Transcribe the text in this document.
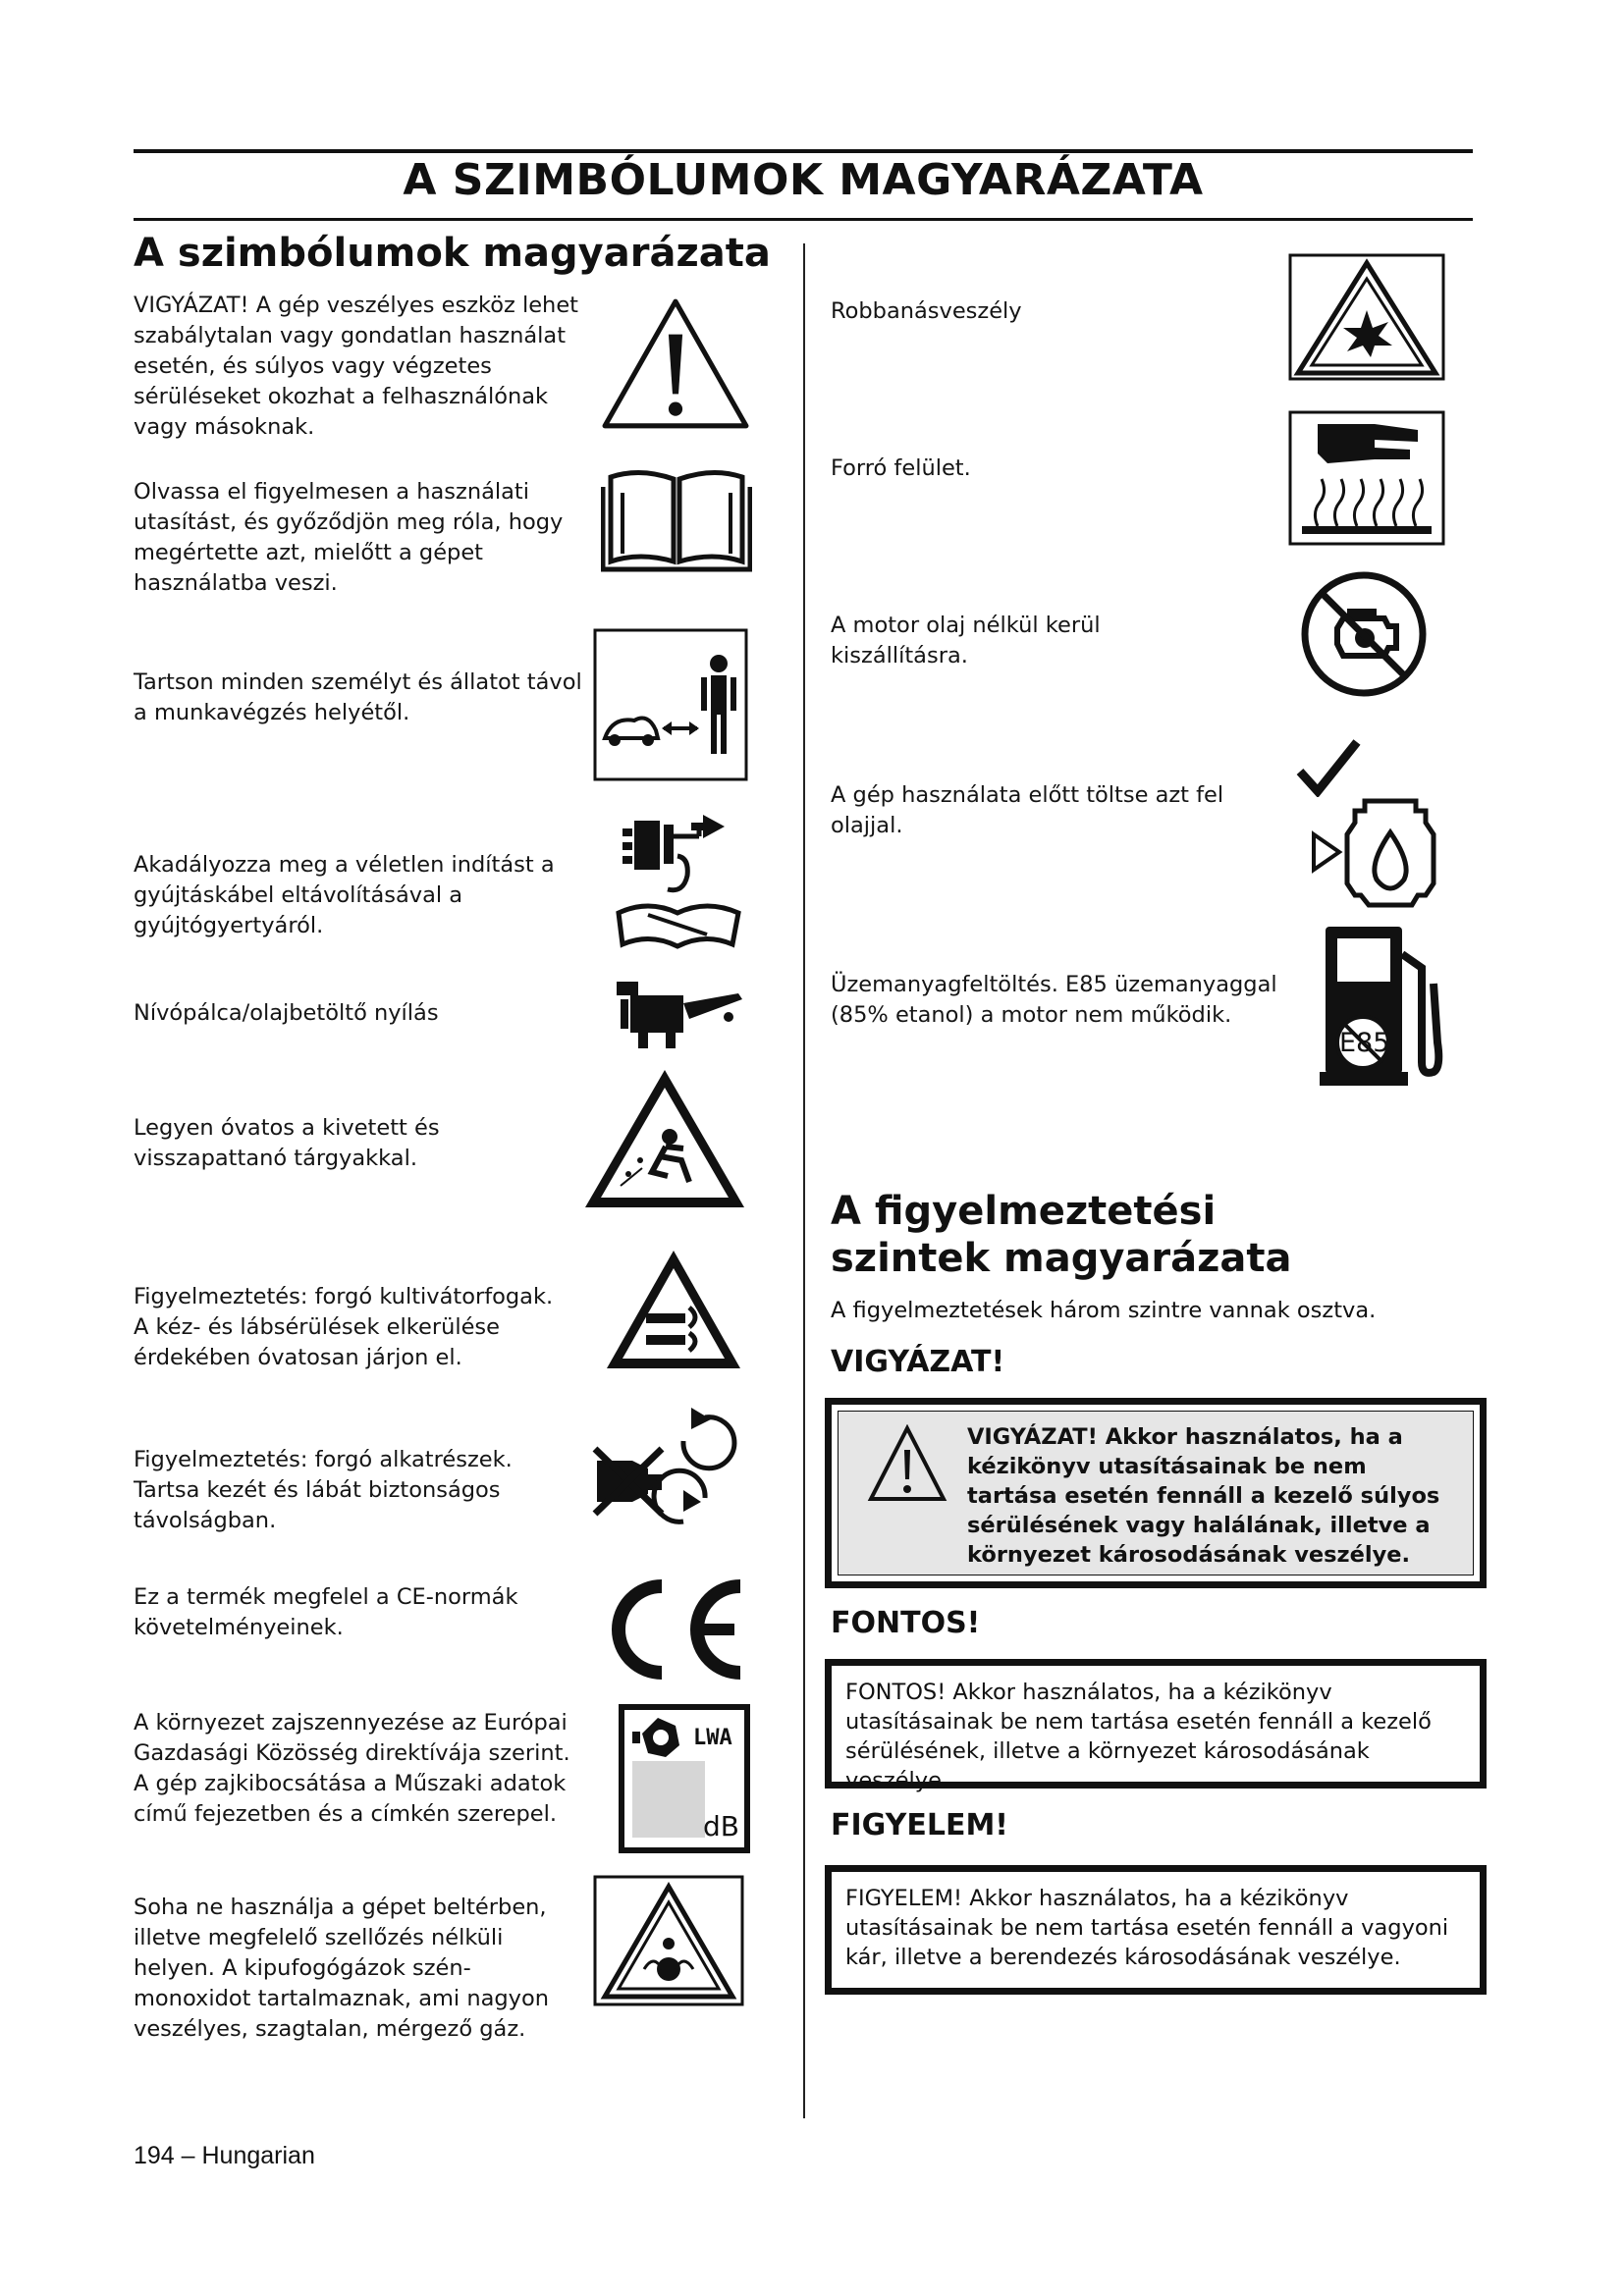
A SZIMBÓLUMOK MAGYARÁZATA
A szimbólumok magyarázata
VIGYÁZAT! A gép veszélyes eszköz lehet szabálytalan vagy gondatlan használat esetén, és súlyos vagy végzetes sérüléseket okozhat a felhasználónak vagy másoknak.
Olvassa el figyelmesen a használati utasítást, és győződjön meg róla, hogy megértette azt, mielőtt a gépet használatba veszi.
Tartson minden személyt és állatot távol a munkavégzés helyétől.
Akadályozza meg a véletlen indítást a gyújtáskábel eltávolításával a gyújtógyertyáról.
Nívópálca/olajbetöltő nyílás
Legyen óvatos a kivetett és visszapattanó tárgyakkal.
Figyelmeztetés: forgó kultivátorfogak. A kéz- és lábsérülések elkerülése érdekében óvatosan járjon el.
Figyelmeztetés: forgó alkatrészek. Tartsa kezét és lábát biztonságos távolságban.
Ez a termék megfelel a CE-normák követelményeinek.
A környezet zajszennyezése az Európai Gazdasági Közösség direktívája szerint. A gép zajkibocsátása a Műszaki adatok című fejezetben és a címkén szerepel.
LWA
dB
Soha ne használja a gépet beltérben, illetve megfelelő szellőzés nélküli helyen. A kipufogógázok szén-monoxidot tartalmaznak, ami nagyon veszélyes, szagtalan, mérgező gáz.
Robbanásveszély
Forró felület.
A motor olaj nélkül kerül kiszállításra.
A gép használata előtt töltse azt fel olajjal.
Üzemanyagfeltöltés. E85 üzemanyaggal (85% etanol) a motor nem működik.
E85
A figyelmeztetési szintek magyarázata
A figyelmeztetések három szintre vannak osztva.
VIGYÁZAT!
VIGYÁZAT! Akkor használatos, ha a kézikönyv utasításainak be nem tartása esetén fennáll a kezelő súlyos sérülésének vagy halálának, illetve a környezet károsodásának veszélye.
FONTOS!
FONTOS! Akkor használatos, ha a kézikönyv utasításainak be nem tartása esetén fennáll a kezelő sérülésének, illetve a környezet károsodásának veszélye.
FIGYELEM!
FIGYELEM! Akkor használatos, ha a kézikönyv utasításainak be nem tartása esetén fennáll a vagyoni kár, illetve a berendezés károsodásának veszélye.
194 – Hungarian
